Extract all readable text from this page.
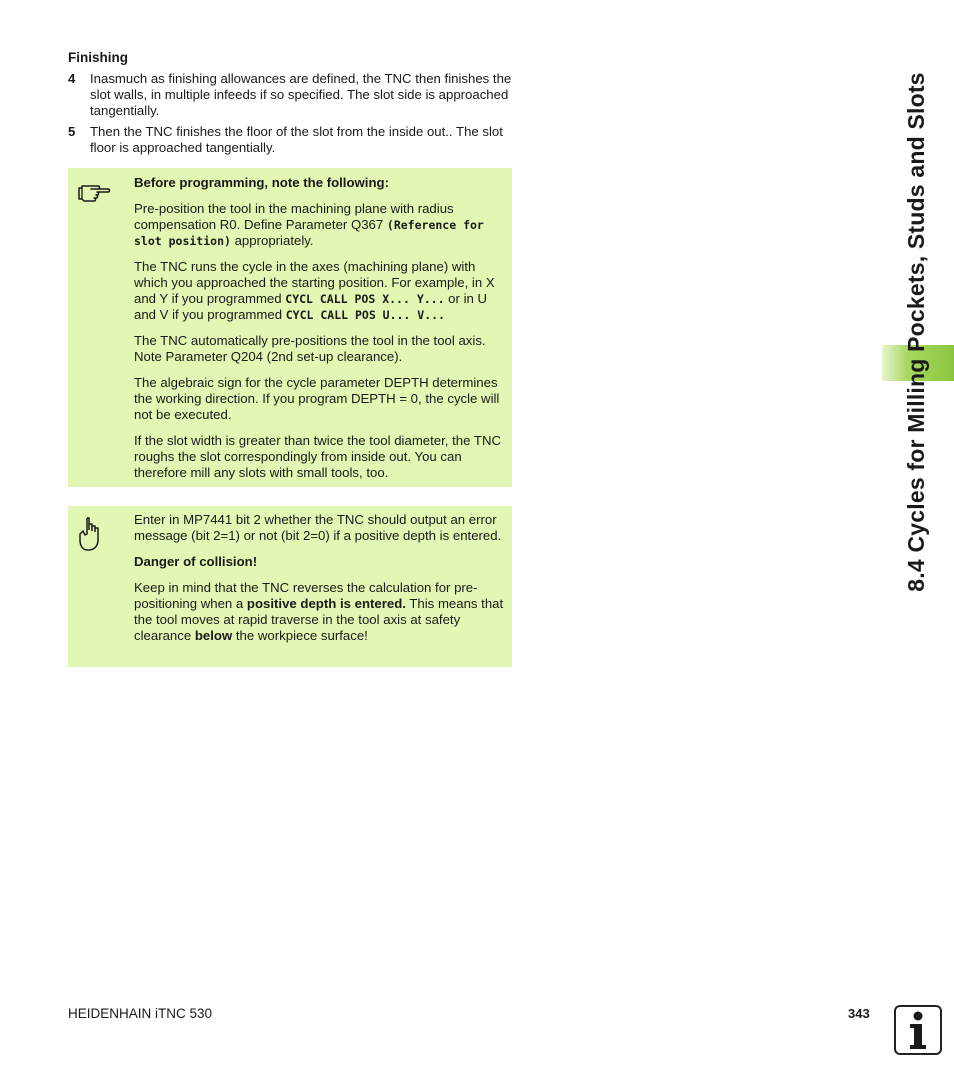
Finishing
4 Inasmuch as finishing allowances are defined, the TNC then finishes the slot walls, in multiple infeeds if so specified. The slot side is approached tangentially.
5 Then the TNC finishes the floor of the slot from the inside out.. The slot floor is approached tangentially.

Before programming, note the following:

Pre-position the tool in the machining plane with radius compensation R0. Define Parameter Q367 (Reference for slot position) appropriately.

The TNC runs the cycle in the axes (machining plane) with which you approached the starting position. For example, in X and Y if you programmed CYCL CALL POS X... Y... or in U and V if you programmed CYCL CALL POS U... V...

The TNC automatically pre-positions the tool in the tool axis. Note Parameter Q204 (2nd set-up clearance).

The algebraic sign for the cycle parameter DEPTH determines the working direction. If you program DEPTH = 0, the cycle will not be executed.

If the slot width is greater than twice the tool diameter, the TNC roughs the slot correspondingly from inside out. You can therefore mill any slots with small tools, too.

Enter in MP7441 bit 2 whether the TNC should output an error message (bit 2=1) or not (bit 2=0) if a positive depth is entered.

Danger of collision!

Keep in mind that the TNC reverses the calculation for pre-positioning when a positive depth is entered. This means that the tool moves at rapid traverse in the tool axis at safety clearance below the workpiece surface!

8.4 Cycles for Milling Pockets, Studs and Slots
HEIDENHAIN iTNC 530	343
